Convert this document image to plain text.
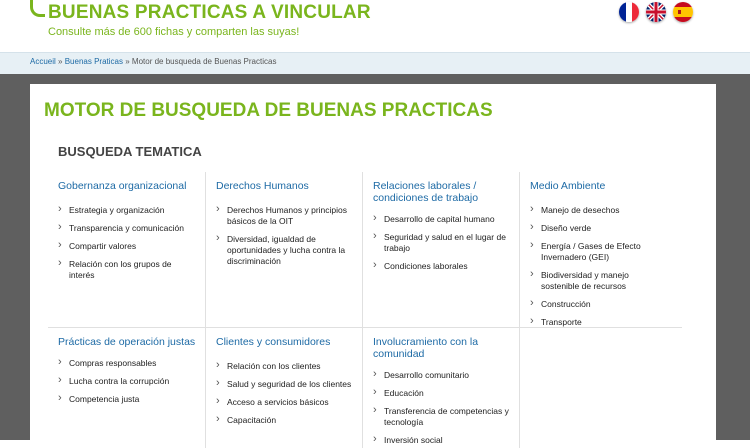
BUENAS PRACTICAS A VINCULAR
Consulte más de 600 fichas y comparten las suyas!
Accueil » Buenas Praticas » Motor de busqueda de Buenas Practicas
MOTOR DE BUSQUEDA DE BUENAS PRACTICAS
BUSQUEDA TEMATICA
Gobernanza organizacional
› Estrategia y organización
› Transparencia y comunicación
› Compartir valores
› Relación con los grupos de interés
Derechos Humanos
› Derechos Humanos y principios básicos de la OIT
› Diversidad, igualdad de oportunidades y lucha contra la discriminación
Relaciones laborales / condiciones de trabajo
› Desarrollo de capital humano
› Seguridad y salud en el lugar de trabajo
› Condiciones laborales
Medio Ambiente
› Manejo de desechos
› Diseño verde
› Energía / Gases de Efecto Invernadero (GEI)
› Biodiversidad y manejo sostenible de recursos
› Construcción
› Transporte
Prácticas de operación justas
› Compras responsables
› Lucha contra la corrupción
› Competencia justa
Clientes y consumidores
› Relación con los clientes
› Salud y seguridad de los clientes
› Acceso a servicios básicos
› Capacitación
Involucramiento con la comunidad
› Desarrollo comunitario
› Educación
› Transferencia de competencias y tecnología
› Inversión social
